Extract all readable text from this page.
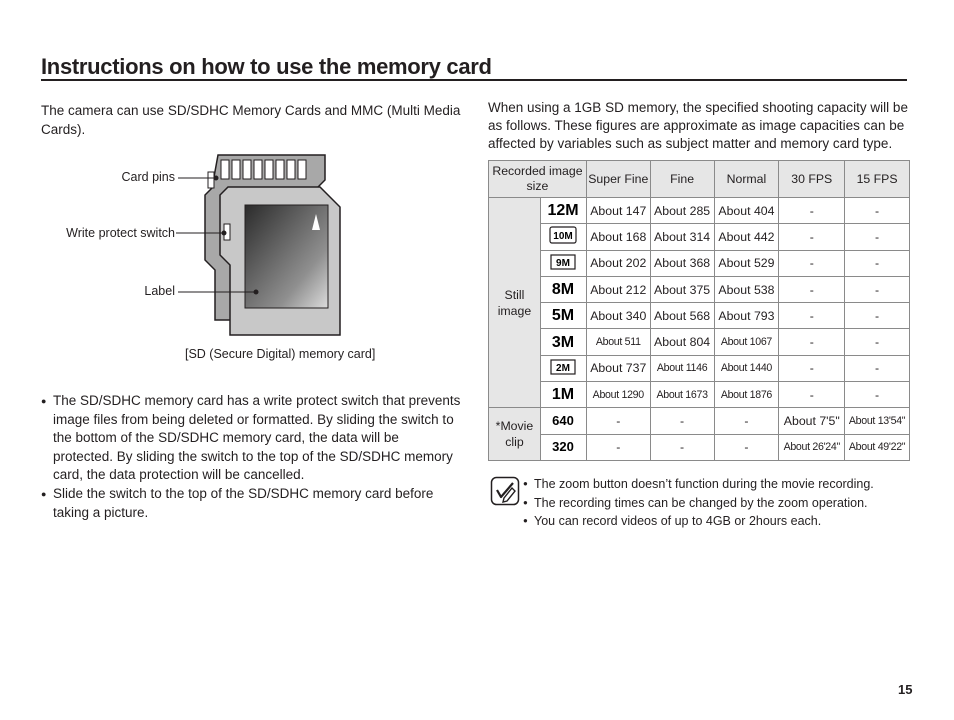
Instructions on how to use the memory card

The camera can use SD/SDHC Memory Cards and MMC (Multi Media Cards).

When using a 1GB SD memory, the specified shooting capacity will be as follows. These figures are approximate as image capacities can be affected by variables such as subject matter and memory card type.

Card pins
Write protect switch
Label
[SD (Secure Digital) memory card]
● The SD/SDHC memory card has a write protect switch that prevents image files from being deleted or formatted. By sliding the switch to the bottom of the SD/SDHC memory card, the data will be protected. By sliding the switch to the top of the SD/SDHC memory card, the data protection will be cancelled.
● Slide the switch to the top of the SD/SDHC memory card before taking a picture.
Recorded image size		Super Fine	Fine	Normal	30 FPS	15 FPS
Still image	12M	About 147	About 285	About 404	-	-

10M	About 168	About 314	About 442	-	-

9M	About 202	About 368	About 529	-	-

8M	About 212	About 375	About 538	-	-

5M	About 340	About 568	About 793	-	-

3M	About 511	About 804	About 1067	-	-

2M	About 737	About 1146	About 1440	-	-

1M	About 1290	About 1673	About 1876	-	-
*Movie clip	640	-	-	-	About 7'5"	About 13'54"

320	-	-	-	About 26'24"	About 49'22"
● The zoom button doesn’t function during the movie recording.
● The recording times can be changed by the zoom operation.
● You can record videos of up to 4GB or 2hours each.
15
